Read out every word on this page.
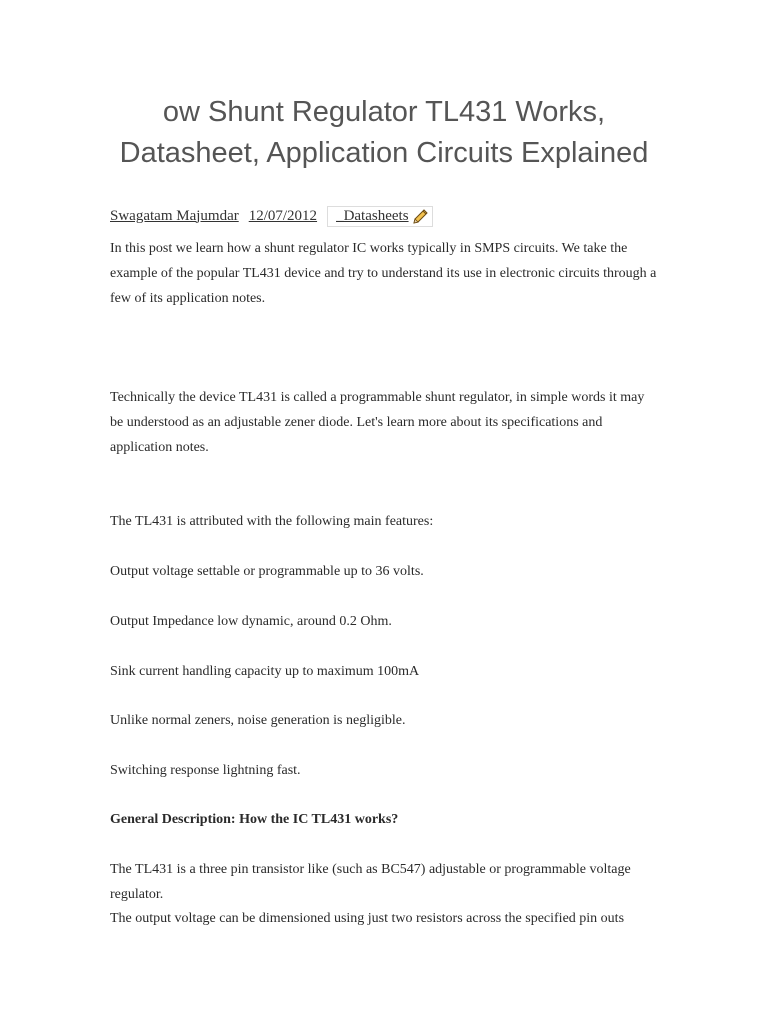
ow Shunt Regulator TL431 Works, Datasheet, Application Circuits Explained
Swagatam Majumdar 12/07/2012 _Datasheets

In this post we learn how a shunt regulator IC works typically in SMPS circuits. We take the example of the popular TL431 device and try to understand its use in electronic circuits through a few of its application notes.

Technically the device TL431 is called a programmable shunt regulator, in simple words it may be understood as an adjustable zener diode. Let's learn more about its specifications and application notes.

The TL431 is attributed with the following main features:

Output voltage settable or programmable up to 36 volts.

Output Impedance low dynamic, around 0.2 Ohm.

Sink current handling capacity up to maximum 100mA

Unlike normal zeners, noise generation is negligible.

Switching response lightning fast.

General Description: How the IC TL431 works?

The TL431 is a three pin transistor like (such as BC547) adjustable or programmable voltage regulator.

The output voltage can be dimensioned using just two resistors across the specified pin outs
